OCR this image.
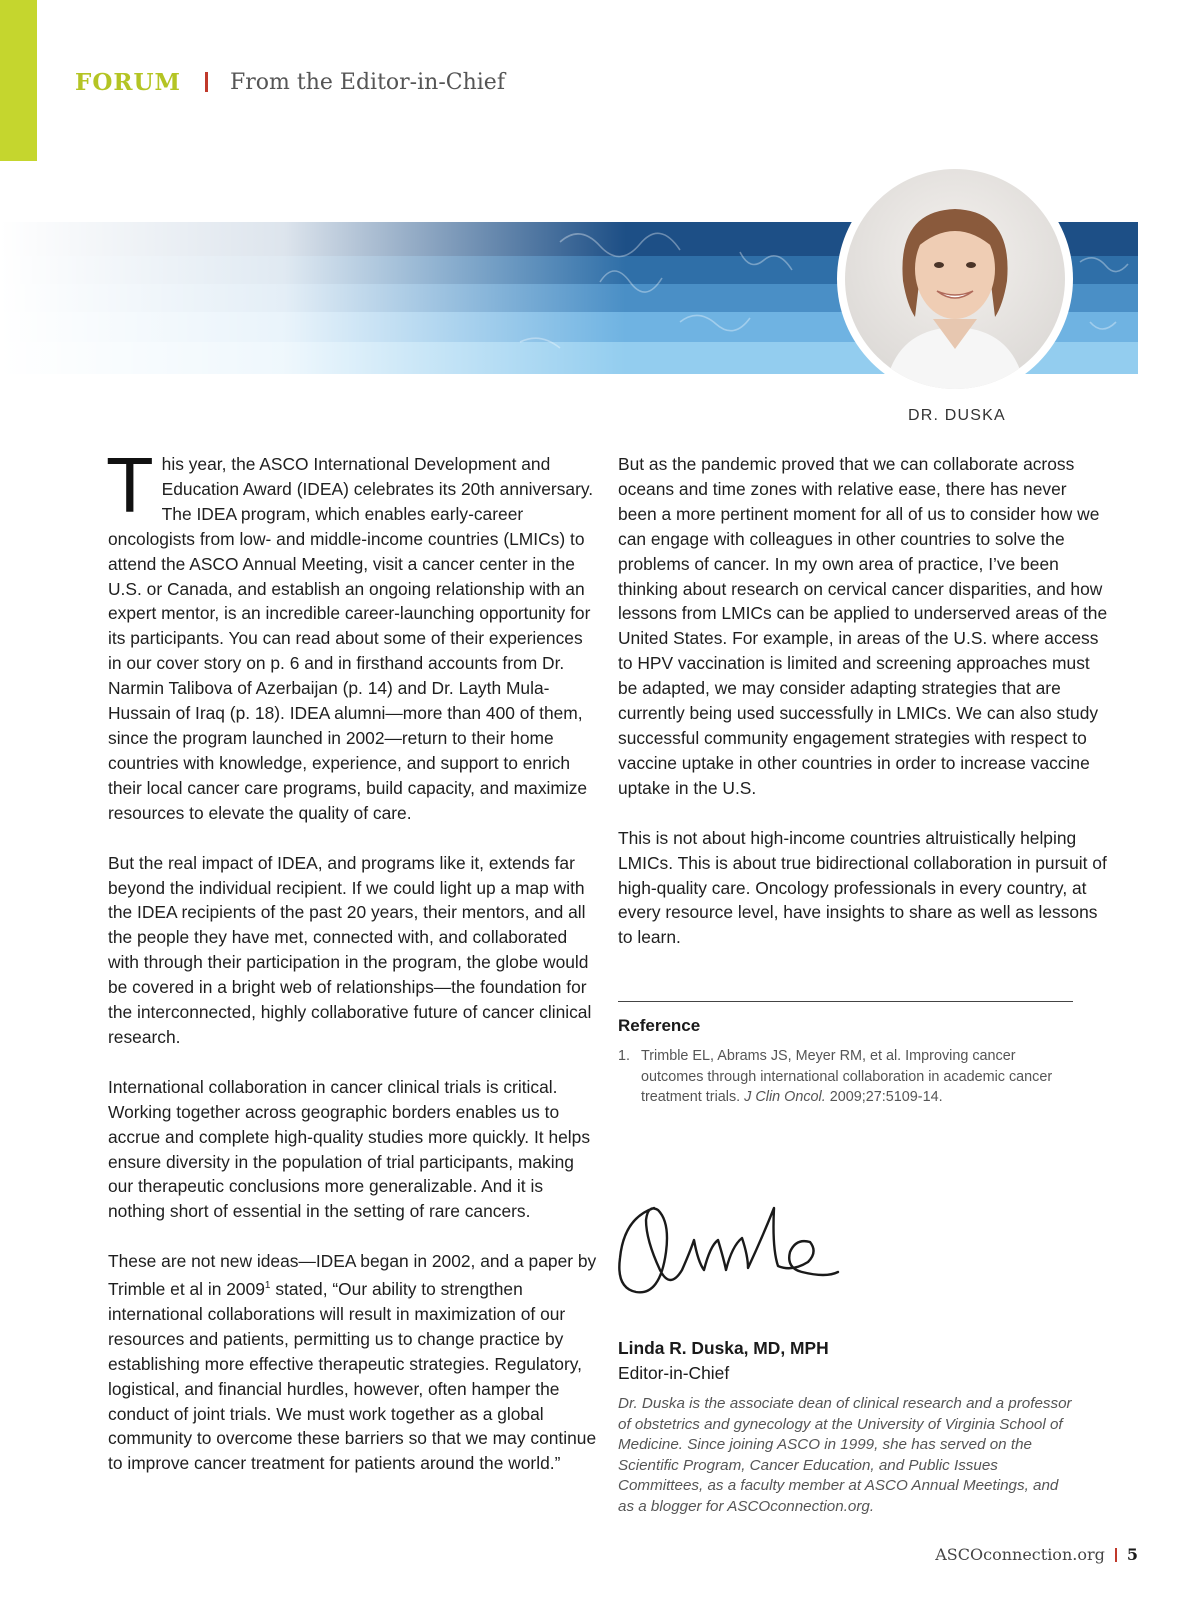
FORUM From the Editor-in-Chief
DR. DUSKA

This year, the ASCO International Development and Education Award (IDEA) celebrates its 20th anniversary. The IDEA program, which enables early-career oncologists from low- and middle-income countries (LMICs) to attend the ASCO Annual Meeting, visit a cancer center in the U.S. or Canada, and establish an ongoing relationship with an expert mentor, is an incredible career-launching opportunity for its participants. You can read about some of their experiences in our cover story on p. 6 and in firsthand accounts from Dr. Narmin Talibova of Azerbaijan (p. 14) and Dr. Layth Mula-Hussain of Iraq (p. 18). IDEA alumni—more than 400 of them, since the program launched in 2002—return to their home countries with knowledge, experience, and support to enrich their local cancer care programs, build capacity, and maximize resources to elevate the quality of care.

But the real impact of IDEA, and programs like it, extends far beyond the individual recipient. If we could light up a map with the IDEA recipients of the past 20 years, their mentors, and all the people they have met, connected with, and collaborated with through their participation in the program, the globe would be covered in a bright web of relationships—the foundation for the interconnected, highly collaborative future of cancer clinical research.

International collaboration in cancer clinical trials is critical. Working together across geographic borders enables us to accrue and complete high-quality studies more quickly. It helps ensure diversity in the population of trial participants, making our therapeutic conclusions more generalizable. And it is nothing short of essential in the setting of rare cancers.

These are not new ideas—IDEA began in 2002, and a paper by Trimble et al in 2009$^1$ stated, “Our ability to strengthen international collaborations will result in maximization of our resources and patients, permitting us to change practice by establishing more effective therapeutic strategies. Regulatory, logistical, and financial hurdles, however, often hamper the conduct of joint trials. We must work together as a global community to overcome these barriers so that we may continue to improve cancer treatment for patients around the world.”

But as the pandemic proved that we can collaborate across oceans and time zones with relative ease, there has never been a more pertinent moment for all of us to consider how we can engage with colleagues in other countries to solve the problems of cancer. In my own area of practice, I’ve been thinking about research on cervical cancer disparities, and how lessons from LMICs can be applied to underserved areas of the United States. For example, in areas of the U.S. where access to HPV vaccination is limited and screening approaches must be adapted, we may consider adapting strategies that are currently being used successfully in LMICs. We can also study successful community engagement strategies with respect to vaccine uptake in other countries in order to increase vaccine uptake in the U.S.

This is not about high-income countries altruistically helping LMICs. This is about true bidirectional collaboration in pursuit of high-quality care. Oncology professionals in every country, at every resource level, have insights to share as well as lessons to learn.

Reference
1. Trimble EL, Abrams JS, Meyer RM, et al. Improving cancer outcomes through international collaboration in academic cancer treatment trials. J Clin Oncol. 2009;27:5109-14.
Linda R. Duska, MD, MPH
Editor-in-Chief
Dr. Duska is the associate dean of clinical research and a professor of obstetrics and gynecology at the University of Virginia School of Medicine. Since joining ASCO in 1999, she has served on the Scientific Program, Cancer Education, and Public Issues Committees, as a faculty member at ASCO Annual Meetings, and as a blogger for ASCOconnection.org.
ASCOconnection.org 5
